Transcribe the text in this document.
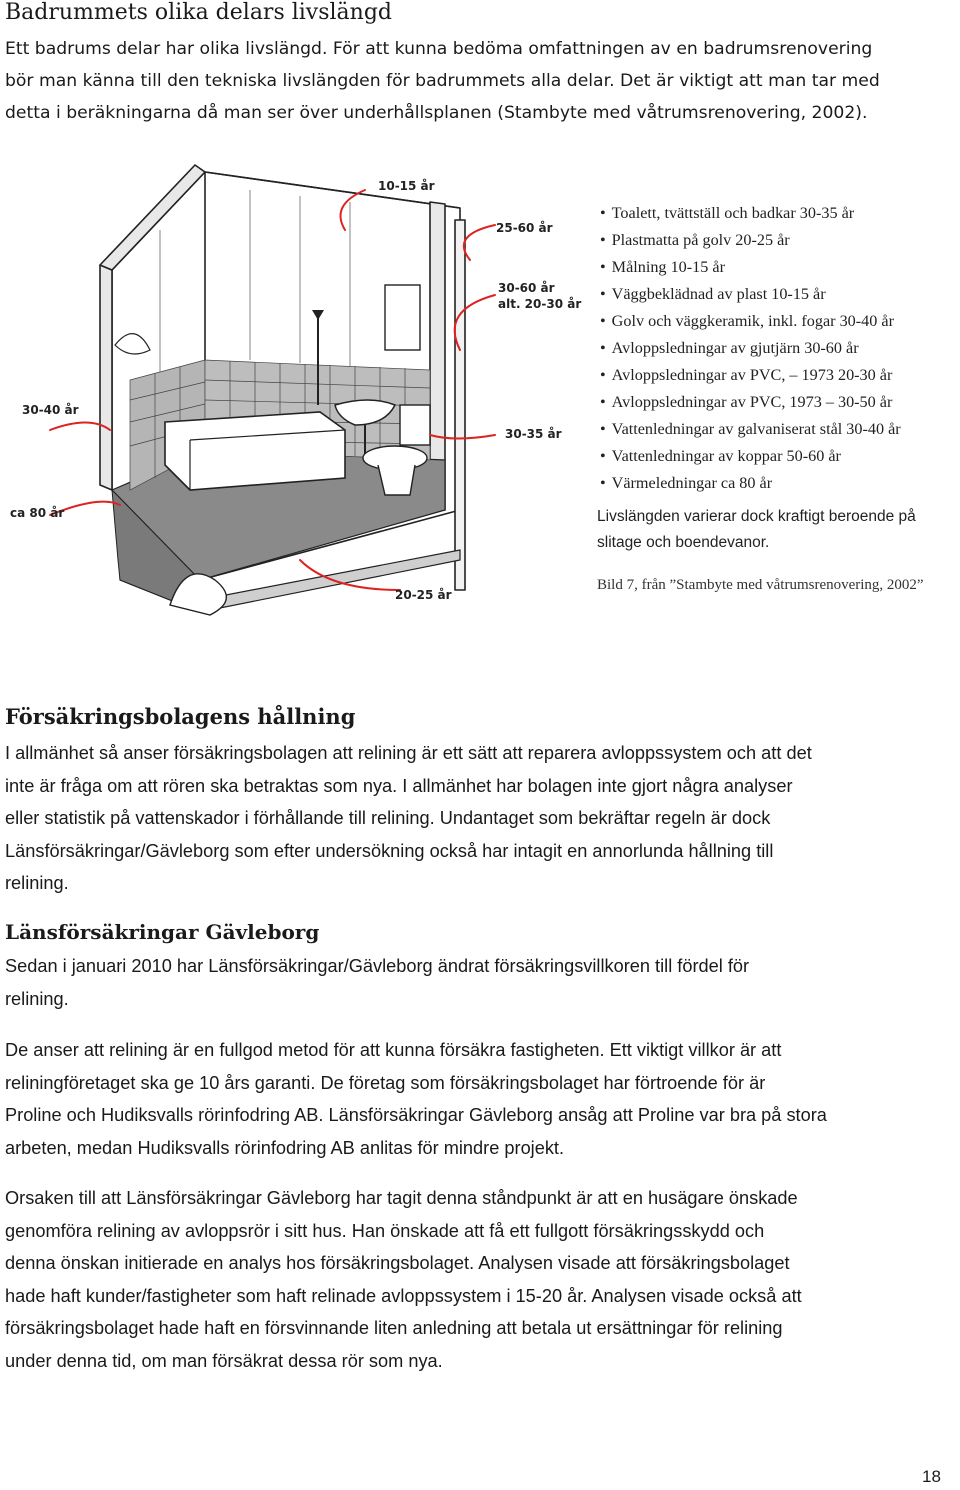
Badrummets olika delars livslängd
Ett badrums delar har olika livslängd. För att kunna bedöma omfattningen av en badrumsrenovering
bör man känna till den tekniska livslängden för badrummets alla delar. Det är viktigt att man tar med
detta i beräkningarna då man ser över underhållsplanen (Stambyte med våtrumsrenovering, 2002).
10-15 år
25-60 år
30-60 år
alt. 20-30 år
30-40 år
30-35 år
ca 80 år
20-25 år
• Toalett, tvättställ och badkar 30-35 år
• Plastmatta på golv 20-25 år
• Målning 10-15 år
• Väggbeklädnad av plast 10-15 år
• Golv och väggkeramik, inkl. fogar 30-40 år
• Avloppsledningar av gjutjärn 30-60 år
• Avloppsledningar av PVC, – 1973 20-30 år
• Avloppsledningar av PVC, 1973 – 30-50 år
• Vattenledningar av galvaniserat stål 30-40 år
• Vattenledningar av koppar 50-60 år
• Värmeledningar ca 80 år
Livslängden varierar dock kraftigt beroende på
slitage och boendevanor.
Bild 7, från ”Stambyte med våtrumsrenovering, 2002”
Försäkringsbolagens hållning
I allmänhet så anser försäkringsbolagen att relining är ett sätt att reparera avloppssystem och att det
inte är fråga om att rören ska betraktas som nya. I allmänhet har bolagen inte gjort några analyser
eller statistik på vattenskador i förhållande till relining. Undantaget som bekräftar regeln är dock
Länsförsäkringar/Gävleborg som efter undersökning också har intagit en annorlunda hållning till
relining.
Länsförsäkringar Gävleborg
Sedan i januari 2010 har Länsförsäkringar/Gävleborg ändrat försäkringsvillkoren till fördel för
relining.
De anser att relining är en fullgod metod för att kunna försäkra fastigheten. Ett viktigt villkor är att
reliningföretaget ska ge 10 års garanti. De företag som försäkringsbolaget har förtroende för är
Proline och Hudiksvalls rörinfodring AB. Länsförsäkringar Gävleborg ansåg att Proline var bra på stora
arbeten, medan Hudiksvalls rörinfodring AB anlitas för mindre projekt.
Orsaken till att Länsförsäkringar Gävleborg har tagit denna ståndpunkt är att en husägare önskade
genomföra relining av avloppsrör i sitt hus. Han önskade att få ett fullgott försäkringsskydd och
denna önskan initierade en analys hos försäkringsbolaget. Analysen visade att försäkringsbolaget
hade haft kunder/fastigheter som haft relinade avloppssystem i 15-20 år. Analysen visade också att
försäkringsbolaget hade haft en försvinnande liten anledning att betala ut ersättningar för relining
under denna tid, om man försäkrat dessa rör som nya.
18
